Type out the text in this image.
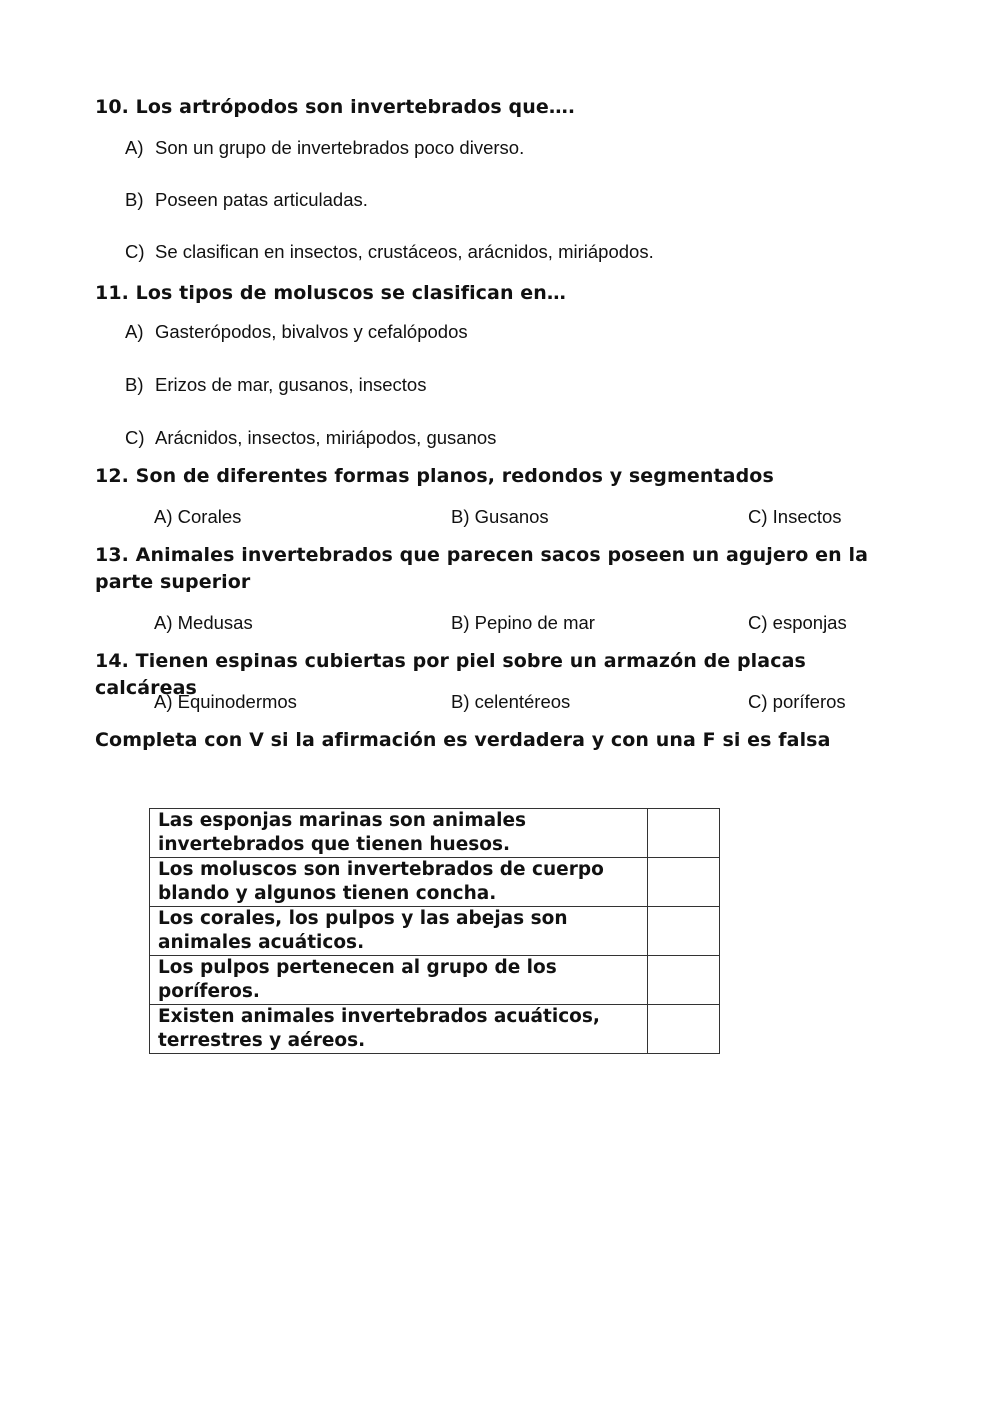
10. Los artrópodos son invertebrados que….
A) Son un grupo de invertebrados poco diverso.
B) Poseen patas articuladas.
C) Se clasifican en insectos, crustáceos, arácnidos, miriápodos.
11. Los tipos de moluscos se clasifican en…
A) Gasterópodos, bivalvos y cefalópodos
B) Erizos de mar, gusanos, insectos
C) Arácnidos, insectos, miriápodos, gusanos
12. Son de diferentes formas planos, redondos y segmentados
A) Corales	B) Gusanos	C) Insectos
13. Animales invertebrados que parecen sacos poseen un agujero en la parte superior
A) Medusas	B) Pepino de mar	C) esponjas
14. Tienen espinas cubiertas por piel sobre un armazón de placas calcáreas
A) Equinodermos	B) celentéreos	C) poríferos
Completa con V si la afirmación es verdadera y con una F si es falsa
Las esponjas marinas son animales invertebrados que tienen huesos.	
Los moluscos son invertebrados de cuerpo blando y algunos tienen concha.	
Los corales, los pulpos y las abejas son animales acuáticos.	
Los pulpos pertenecen al grupo de los poríferos.	
Existen animales invertebrados acuáticos, terrestres y aéreos.	
